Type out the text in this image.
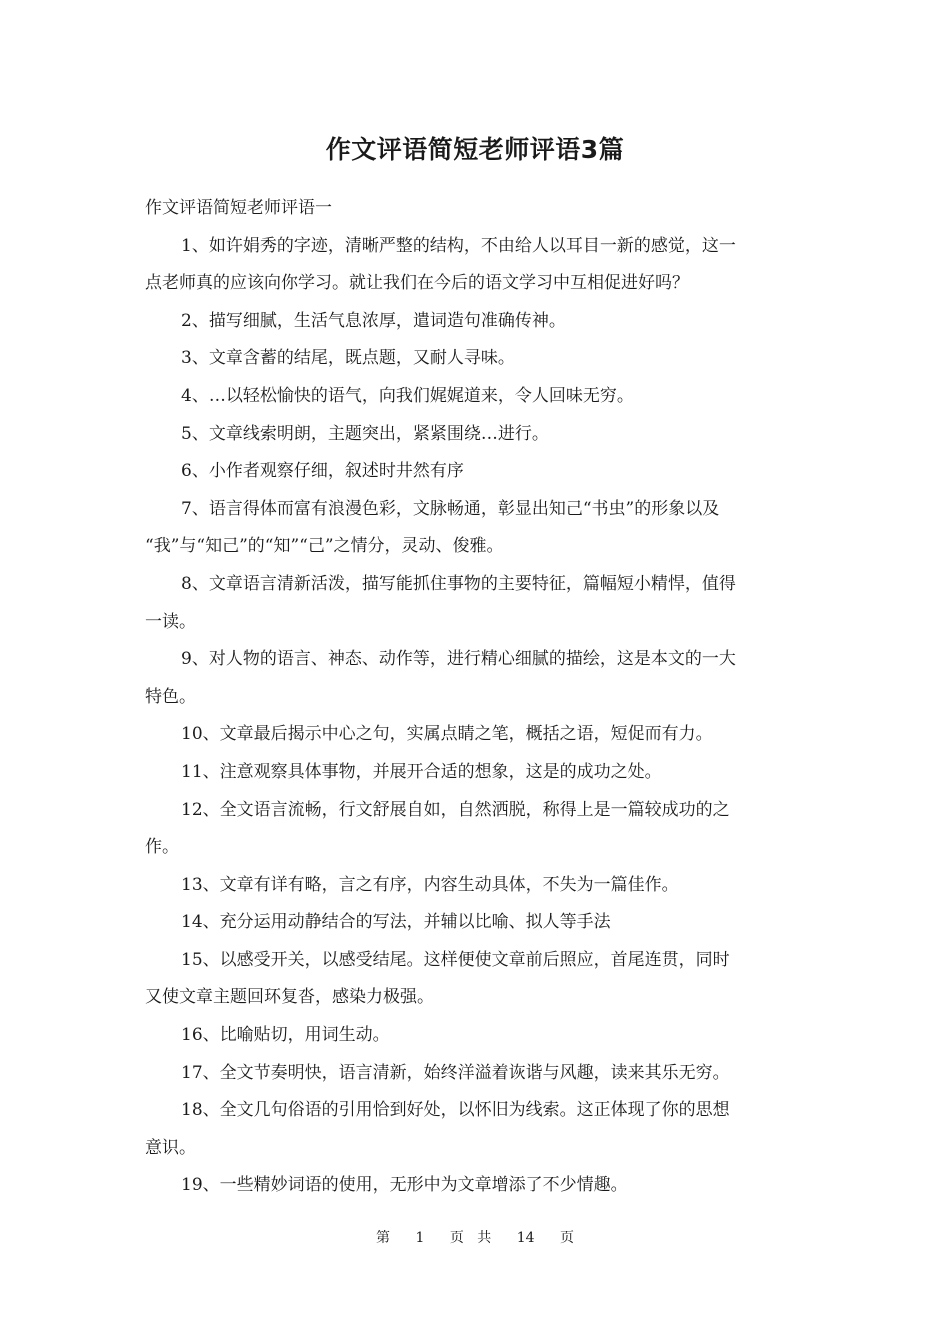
作文评语简短老师评语3篇
作文评语简短老师评语一
1、如许娟秀的字迹，清晰严整的结构，不由给人以耳目一新的感觉，这一
点老师真的应该向你学习。就让我们在今后的语文学习中互相促进好吗？
2、描写细腻，生活气息浓厚，遣词造句准确传神。
3、文章含蓄的结尾，既点题，又耐人寻味。
4、…以轻松愉快的语气，向我们娓娓道来，令人回味无穷。
5、文章线索明朗，主题突出，紧紧围绕…进行。
6、小作者观察仔细，叙述时井然有序
7、语言得体而富有浪漫色彩，文脉畅通，彰显出知己“书虫”的形象以及
“我”与“知己”的“知”“己”之情分，灵动、俊雅。
8、文章语言清新活泼，描写能抓住事物的主要特征，篇幅短小精悍，值得
一读。
9、对人物的语言、神态、动作等，进行精心细腻的描绘，这是本文的一大
特色。
10、文章最后揭示中心之句，实属点睛之笔，概括之语，短促而有力。
11、注意观察具体事物，并展开合适的想象，这是的成功之处。
12、全文语言流畅，行文舒展自如，自然洒脱，称得上是一篇较成功的之
作。
13、文章有详有略，言之有序，内容生动具体，不失为一篇佳作。
14、充分运用动静结合的写法，并辅以比喻、拟人等手法
15、以感受开关，以感受结尾。这样便使文章前后照应，首尾连贯，同时
又使文章主题回环复沓，感染力极强。
16、比喻贴切，用词生动。
17、全文节奏明快，语言清新，始终洋溢着诙谐与风趣，读来其乐无穷。
18、全文几句俗语的引用恰到好处，以怀旧为线索。这正体现了你的思想
意识。
19、一些精妙词语的使用，无形中为文章增添了不少情趣。
第 1 页 共 14 页
